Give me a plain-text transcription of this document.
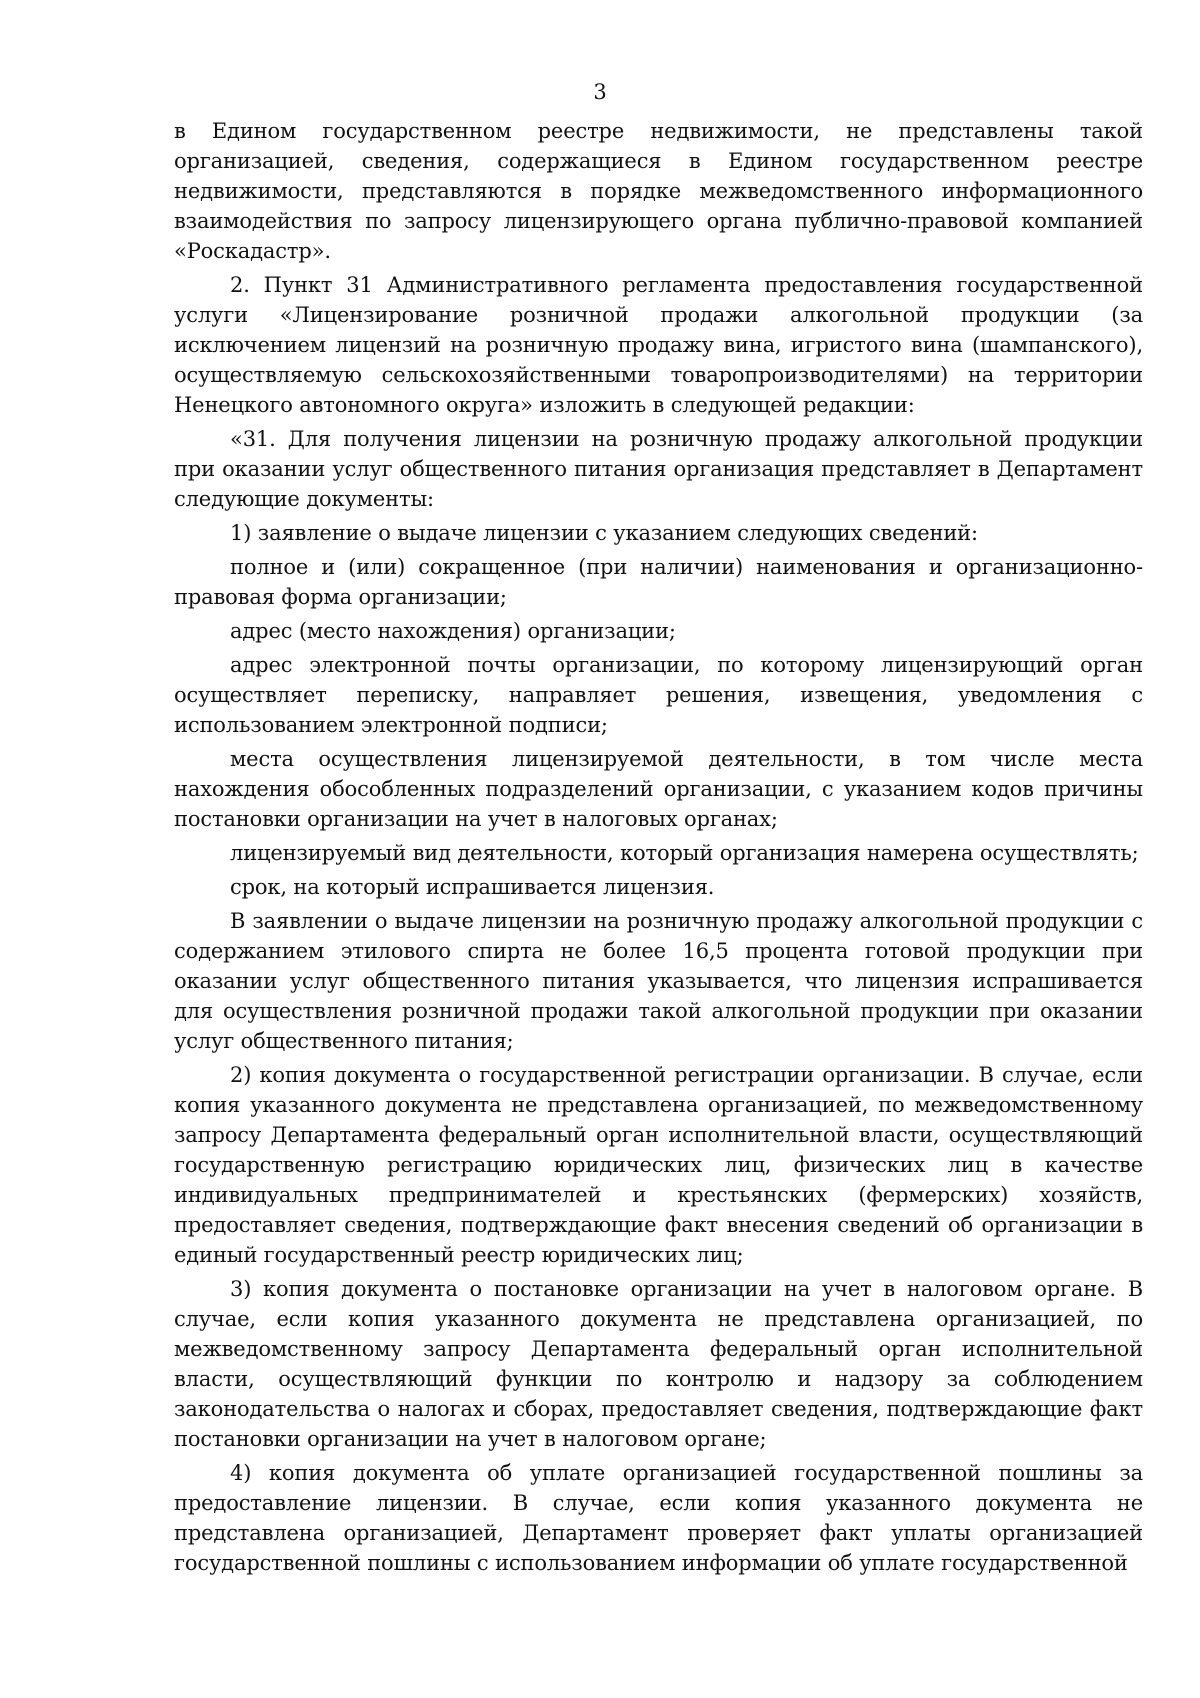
3

в Едином государственном реестре недвижимости, не представлены такой организацией, сведения, содержащиеся в Едином государственном реестре недвижимости, представляются в порядке межведомственного информационного взаимодействия по запросу лицензирующего органа публично-правовой компанией «Роскадастр».

2. Пункт 31 Административного регламента предоставления государственной услуги «Лицензирование розничной продажи алкогольной продукции (за исключением лицензий на розничную продажу вина, игристого вина (шампанского), осуществляемую сельскохозяйственными товаропроизводителями) на территории Ненецкого автономного округа» изложить в следующей редакции:

«31. Для получения лицензии на розничную продажу алкогольной продукции при оказании услуг общественного питания организация представляет в Департамент следующие документы:

1) заявление о выдаче лицензии с указанием следующих сведений:

полное и (или) сокращенное (при наличии) наименования и организационно-правовая форма организации;

адрес (место нахождения) организации;

адрес электронной почты организации, по которому лицензирующий орган осуществляет переписку, направляет решения, извещения, уведомления с использованием электронной подписи;

места осуществления лицензируемой деятельности, в том числе места нахождения обособленных подразделений организации, с указанием кодов причины постановки организации на учет в налоговых органах;

лицензируемый вид деятельности, который организация намерена осуществлять;

срок, на который испрашивается лицензия.

В заявлении о выдаче лицензии на розничную продажу алкогольной продукции с содержанием этилового спирта не более 16,5 процента готовой продукции при оказании услуг общественного питания указывается, что лицензия испрашивается для осуществления розничной продажи такой алкогольной продукции при оказании услуг общественного питания;

2) копия документа о государственной регистрации организации. В случае, если копия указанного документа не представлена организацией, по межведомственному запросу Департамента федеральный орган исполнительной власти, осуществляющий государственную регистрацию юридических лиц, физических лиц в качестве индивидуальных предпринимателей и крестьянских (фермерских) хозяйств, предоставляет сведения, подтверждающие факт внесения сведений об организации в единый государственный реестр юридических лиц;

3) копия документа о постановке организации на учет в налоговом органе. В случае, если копия указанного документа не представлена организацией, по межведомственному запросу Департамента федеральный орган исполнительной власти, осуществляющий функции по контролю и надзору за соблюдением законодательства о налогах и сборах, предоставляет сведения, подтверждающие факт постановки организации на учет в налоговом органе;

4) копия документа об уплате организацией государственной пошлины за предоставление лицензии. В случае, если копия указанного документа не представлена организацией, Департамент проверяет факт уплаты организацией государственной пошлины с использованием информации об уплате государственной
